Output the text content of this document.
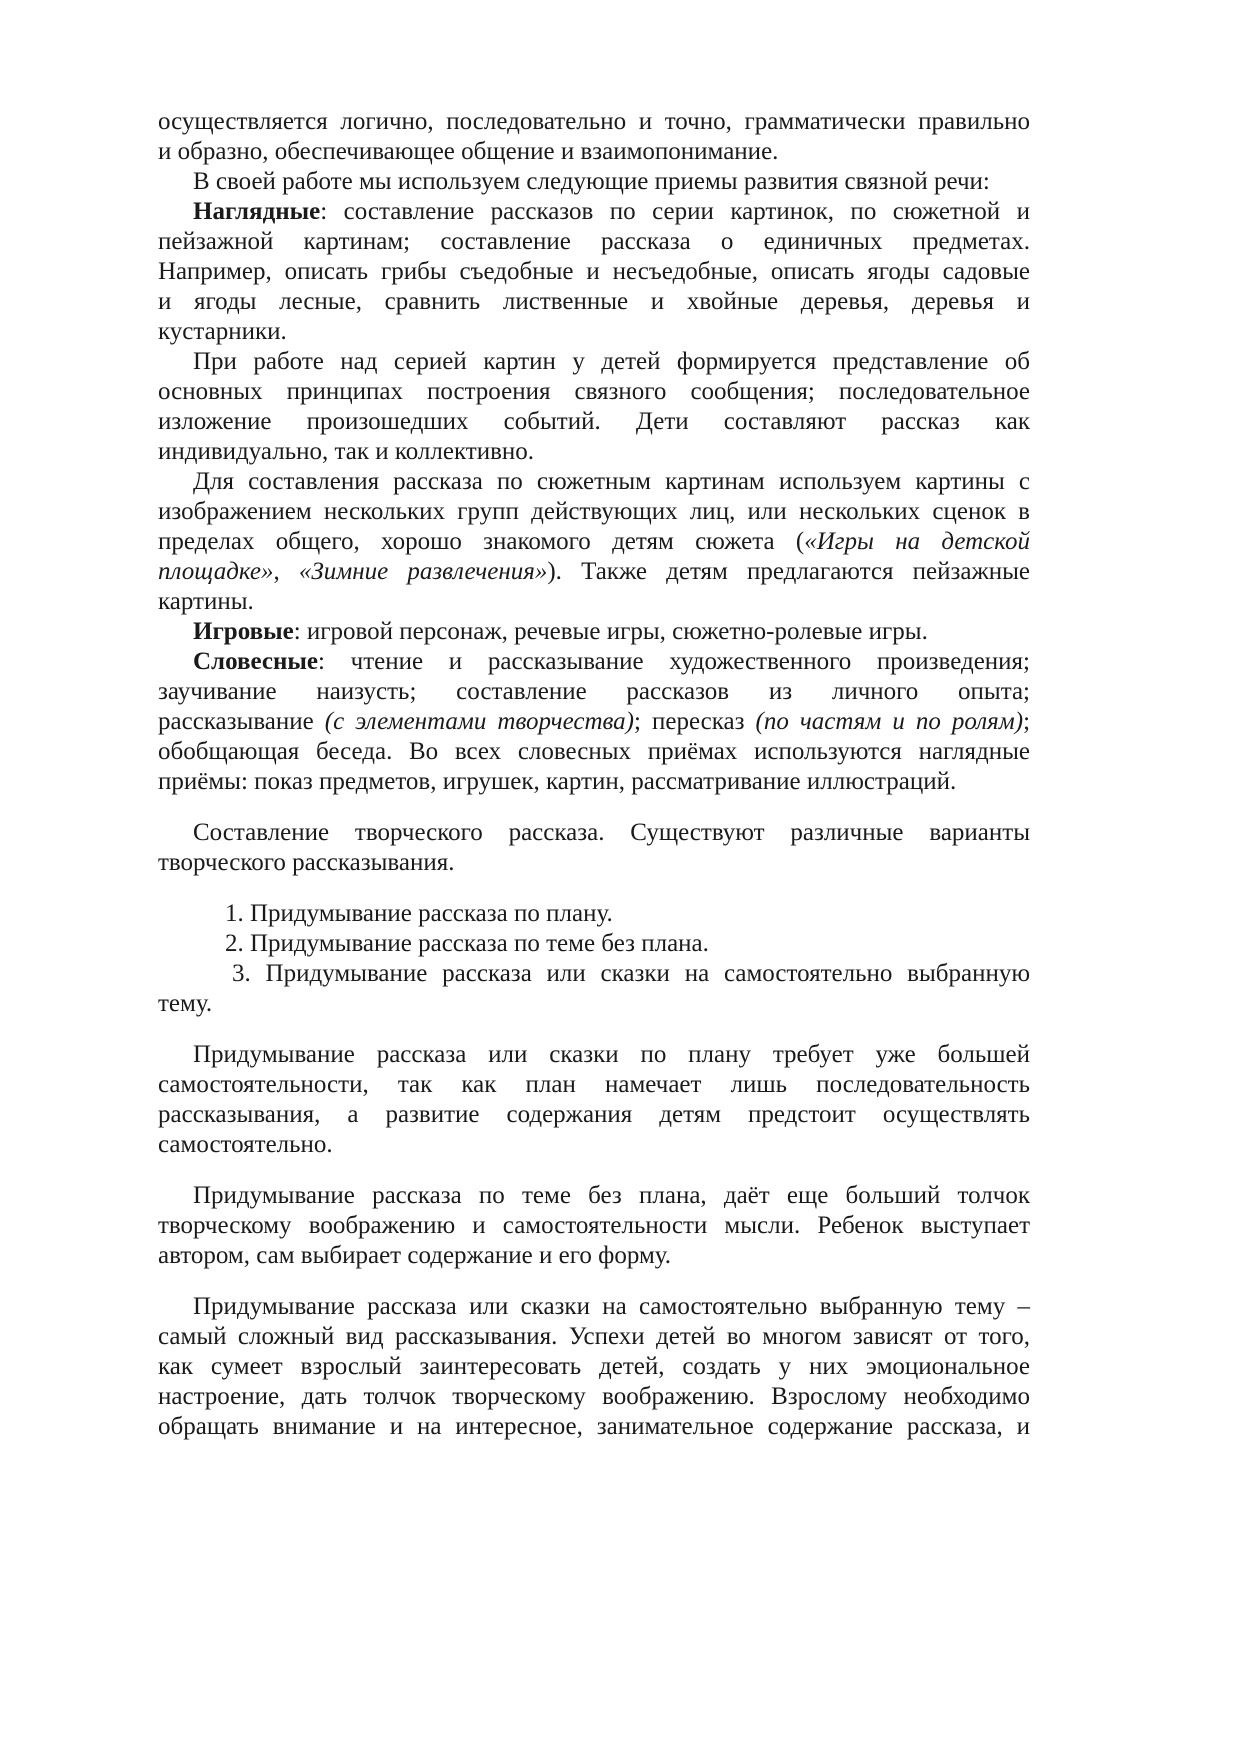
осуществляется логично, последовательно и точно, грамматически правильно
и образно, обеспечивающее общение и взаимопонимание.
В своей работе мы используем следующие приемы развития связной речи:
Наглядные: составление рассказов по серии картинок, по сюжетной и
пейзажной картинам; составление рассказа о единичных предметах.
Например, описать грибы съедобные и несъедобные, описать ягоды садовые
и ягоды лесные, сравнить лиственные и хвойные деревья, деревья и
кустарники.
При работе над серией картин у детей формируется представление об
основных принципах построения связного сообщения; последовательное
изложение произошедших событий. Дети составляют рассказ как
индивидуально, так и коллективно.
Для составления рассказа по сюжетным картинам используем картины с
изображением нескольких групп действующих лиц, или нескольких сценок в
пределах общего, хорошо знакомого детям сюжета («Игры на детской
площадке», «Зимние развлечения»). Также детям предлагаются пейзажные
картины.
Игровые: игровой персонаж, речевые игры, сюжетно-ролевые игры.
Словесные: чтение и рассказывание художественного произведения;
заучивание наизусть; составление рассказов из личного опыта;
рассказывание (с элементами творчества); пересказ (по частям и по ролям);
обобщающая беседа. Во всех словесных приёмах используются наглядные
приёмы: показ предметов, игрушек, картин, рассматривание иллюстраций.
Составление творческого рассказа. Существуют различные варианты
творческого рассказывания.
1. Придумывание рассказа по плану.
2. Придумывание рассказа по теме без плана.
3. Придумывание рассказа или сказки на самостоятельно выбранную
тему.
Придумывание рассказа или сказки по плану требует уже большей
самостоятельности, так как план намечает лишь последовательность
рассказывания, а развитие содержания детям предстоит осуществлять
самостоятельно.
Придумывание рассказа по теме без плана, даёт еще больший толчок
творческому воображению и самостоятельности мысли. Ребенок выступает
автором, сам выбирает содержание и его форму.
Придумывание рассказа или сказки на самостоятельно выбранную тему –
самый сложный вид рассказывания. Успехи детей во многом зависят от того,
как сумеет взрослый заинтересовать детей, создать у них эмоциональное
настроение, дать толчок творческому воображению. Взрослому необходимо
обращать внимание и на интересное, занимательное содержание рассказа, и
